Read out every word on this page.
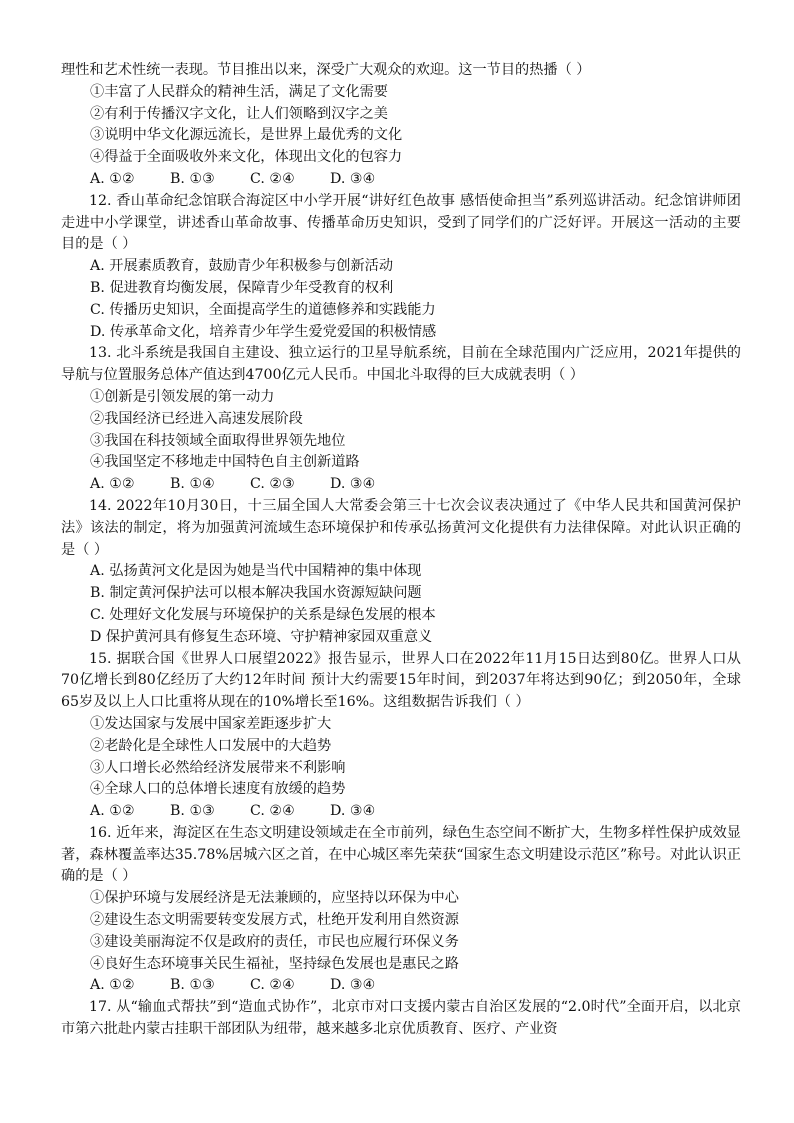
理性和艺术性统一表现。节目推出以来，深受广大观众的欢迎。这一节目的热播（ ）

①丰富了人民群众的精神生活，满足了文化需要

②有利于传播汉字文化，让人们领略到汉字之美

③说明中华文化源远流长，是世界上最优秀的文化

④得益于全面吸收外来文化，体现出文化的包容力

A. ①② B. ①③ C. ②④ D. ③④

12. 香山革命纪念馆联合海淀区中小学开展“讲好红色故事 感悟使命担当”系列巡讲活动。纪念馆讲师团走进中小学课堂，讲述香山革命故事、传播革命历史知识，受到了同学们的广泛好评。开展这一活动的主要目的是（ ）

A. 开展素质教育，鼓励青少年积极参与创新活动

B. 促进教育均衡发展，保障青少年受教育的权利

C. 传播历史知识，全面提高学生的道德修养和实践能力

D. 传承革命文化，培养青少年学生爱党爱国的积极情感

13. 北斗系统是我国自主建设、独立运行的卫星导航系统，目前在全球范围内广泛应用，2021年提供的导航与位置服务总体产值达到4700亿元人民币。中国北斗取得的巨大成就表明（ ）

①创新是引领发展的第一动力

②我国经济已经进入高速发展阶段

③我国在科技领域全面取得世界领先地位

④我国坚定不移地走中国特色自主创新道路

A. ①② B. ①④ C. ②③ D. ③④

14. 2022年10月30日，十三届全国人大常委会第三十七次会议表决通过了《中华人民共和国黄河保护法》该法的制定，将为加强黄河流域生态环境保护和传承弘扬黄河文化提供有力法律保障。对此认识正确的是（ ）

A. 弘扬黄河文化是因为她是当代中国精神的集中体现

B. 制定黄河保护法可以根本解决我国水资源短缺问题

C. 处理好文化发展与环境保护的关系是绿色发展的根本

D 保护黄河具有修复生态环境、守护精神家园双重意义

15. 据联合国《世界人口展望2022》报告显示，世界人口在2022年11月15日达到80亿。世界人口从70亿增长到80亿经历了大约12年时间 预计大约需要15年时间，到2037年将达到90亿；到2050年，全球65岁及以上人口比重将从现在的10%增长至16%。这组数据告诉我们（ ）

①发达国家与发展中国家差距逐步扩大

②老龄化是全球性人口发展中的大趋势

③人口增长必然给经济发展带来不利影响

④全球人口的总体增长速度有放缓的趋势

A. ①② B. ①③ C. ②④ D. ③④

16. 近年来，海淀区在生态文明建设领域走在全市前列，绿色生态空间不断扩大，生物多样性保护成效显著，森林覆盖率达35.78%居城六区之首，在中心城区率先荣获“国家生态文明建设示范区”称号。对此认识正确的是（ ）

①保护环境与发展经济是无法兼顾的，应坚持以环保为中心

②建设生态文明需要转变发展方式，杜绝开发利用自然资源

③建设美丽海淀不仅是政府的责任，市民也应履行环保义务

④良好生态环境事关民生福祉，坚持绿色发展也是惠民之路

A. ①② B. ①③ C. ②④ D. ③④

17. 从“输血式帮扶”到“造血式协作”，北京市对口支援内蒙古自治区发展的“2.0时代”全面开启，以北京市第六批赴内蒙古挂职干部团队为纽带，越来越多北京优质教育、医疗、产业资
